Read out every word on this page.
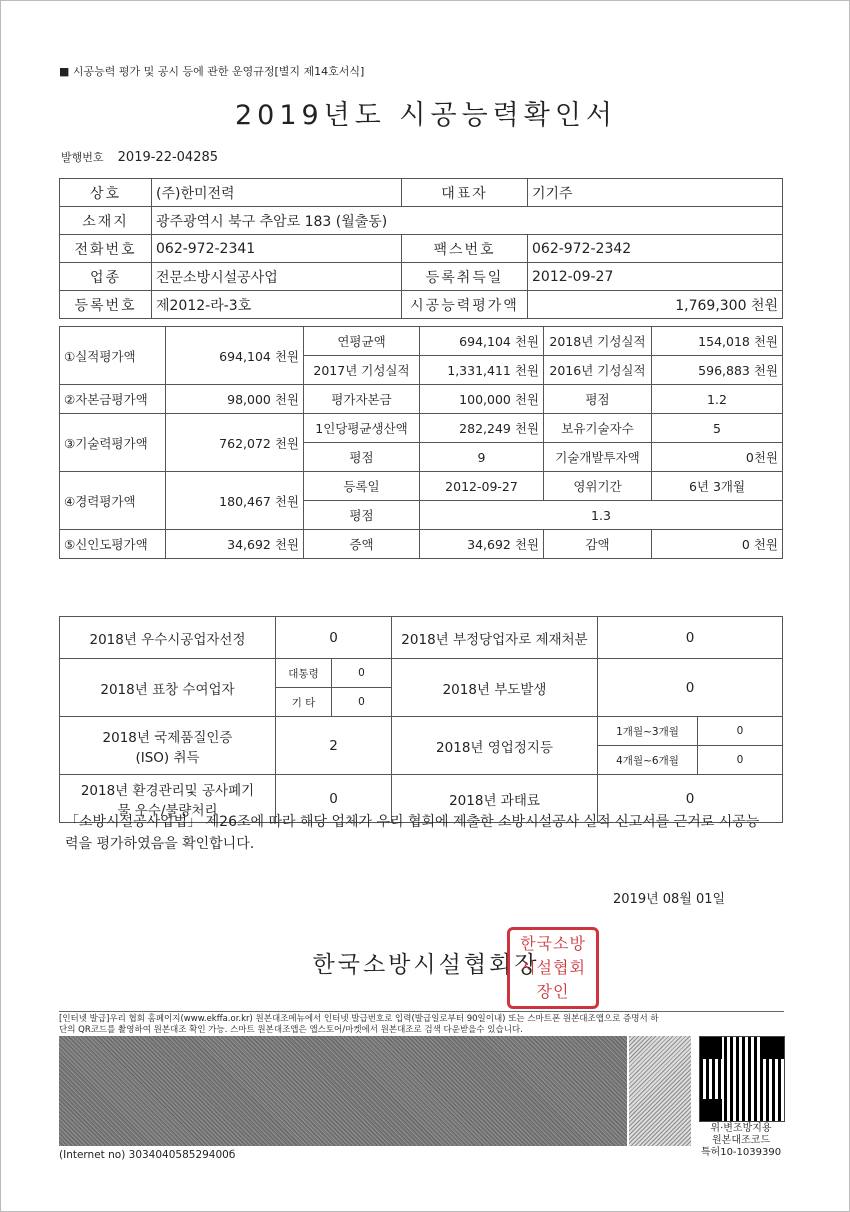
■ 시공능력 평가 및 공시 등에 관한 운영규정[별지 제14호서식]
2019년도 시공능력확인서
발행번호 2019-22-04285
상호	(주)한미전력	대표자	기기주
소재지	광주광역시 북구 추암로 183 (월출동)		
전화번호	062-972-2341	팩스번호	062-972-2342
업종	전문소방시설공사업	등록취득일	2012-09-27
등록번호	제2012-라-3호	시공능력평가액	1,769,300 천원
①실적평가액	694,104 천원	연평균액	694,104 천원	2018년 기성실적	154,018 천원
		2017년 기성실적	1,331,411 천원	2016년 기성실적	596,883 천원
②자본금평가액	98,000 천원	평가자본금	100,000 천원	평점	1.2
③기술력평가액	762,072 천원	1인당평균생산액	282,249 천원	보유기술자수	5
		평점	9	기술개발투자액	0천원
④경력평가액	180,467 천원	등록일	2012-09-27	영위기간	6년 3개월
		평점	1.3		
⑤신인도평가액	34,692 천원	증액	34,692 천원	감액	0 천원
2018년 우수시공업자선정	0		2018년 부정당업자로 제재처분	0	
2018년 표창 수여업자	대통령	0	2018년 부도발생	0	
	기 타	0			
2018년 국제품질인증 (ISO) 취득	2		2018년 영업정지등	1개월~3개월	0
				4개월~6개월	0
2018년 환경관리및 공사폐기물 우수/불량처리	0		2018년 과태료	0	
「소방시설공사업법」 제26조에 따라 해당 업체가 우리 협회에 제출한 소방시설공사 실적 신고서를 근거로 시공능력을 평가하였음을 확인합니다.
2019년 08월 01일
한국소방시설협회장
한국소방시설협회장인
[인터넷 발급]우리 협회 홈페이지(www.ekffa.or.kr) 원본대조메뉴에서 인터넷 발급번호로 입력(발급일로부터 90일이내) 또는 스마트폰 원본대조앱으로 증명서 하단의 QR코드를 촬영하여 원본대조 확인 가능. 스마트 원본대조앱은 앱스토어/마켓에서 원본대조로 검색 다운받을수 있습니다.
위·변조방지용
원본대조코드
특허10-1039390
(Internet no) 303404058529400б
